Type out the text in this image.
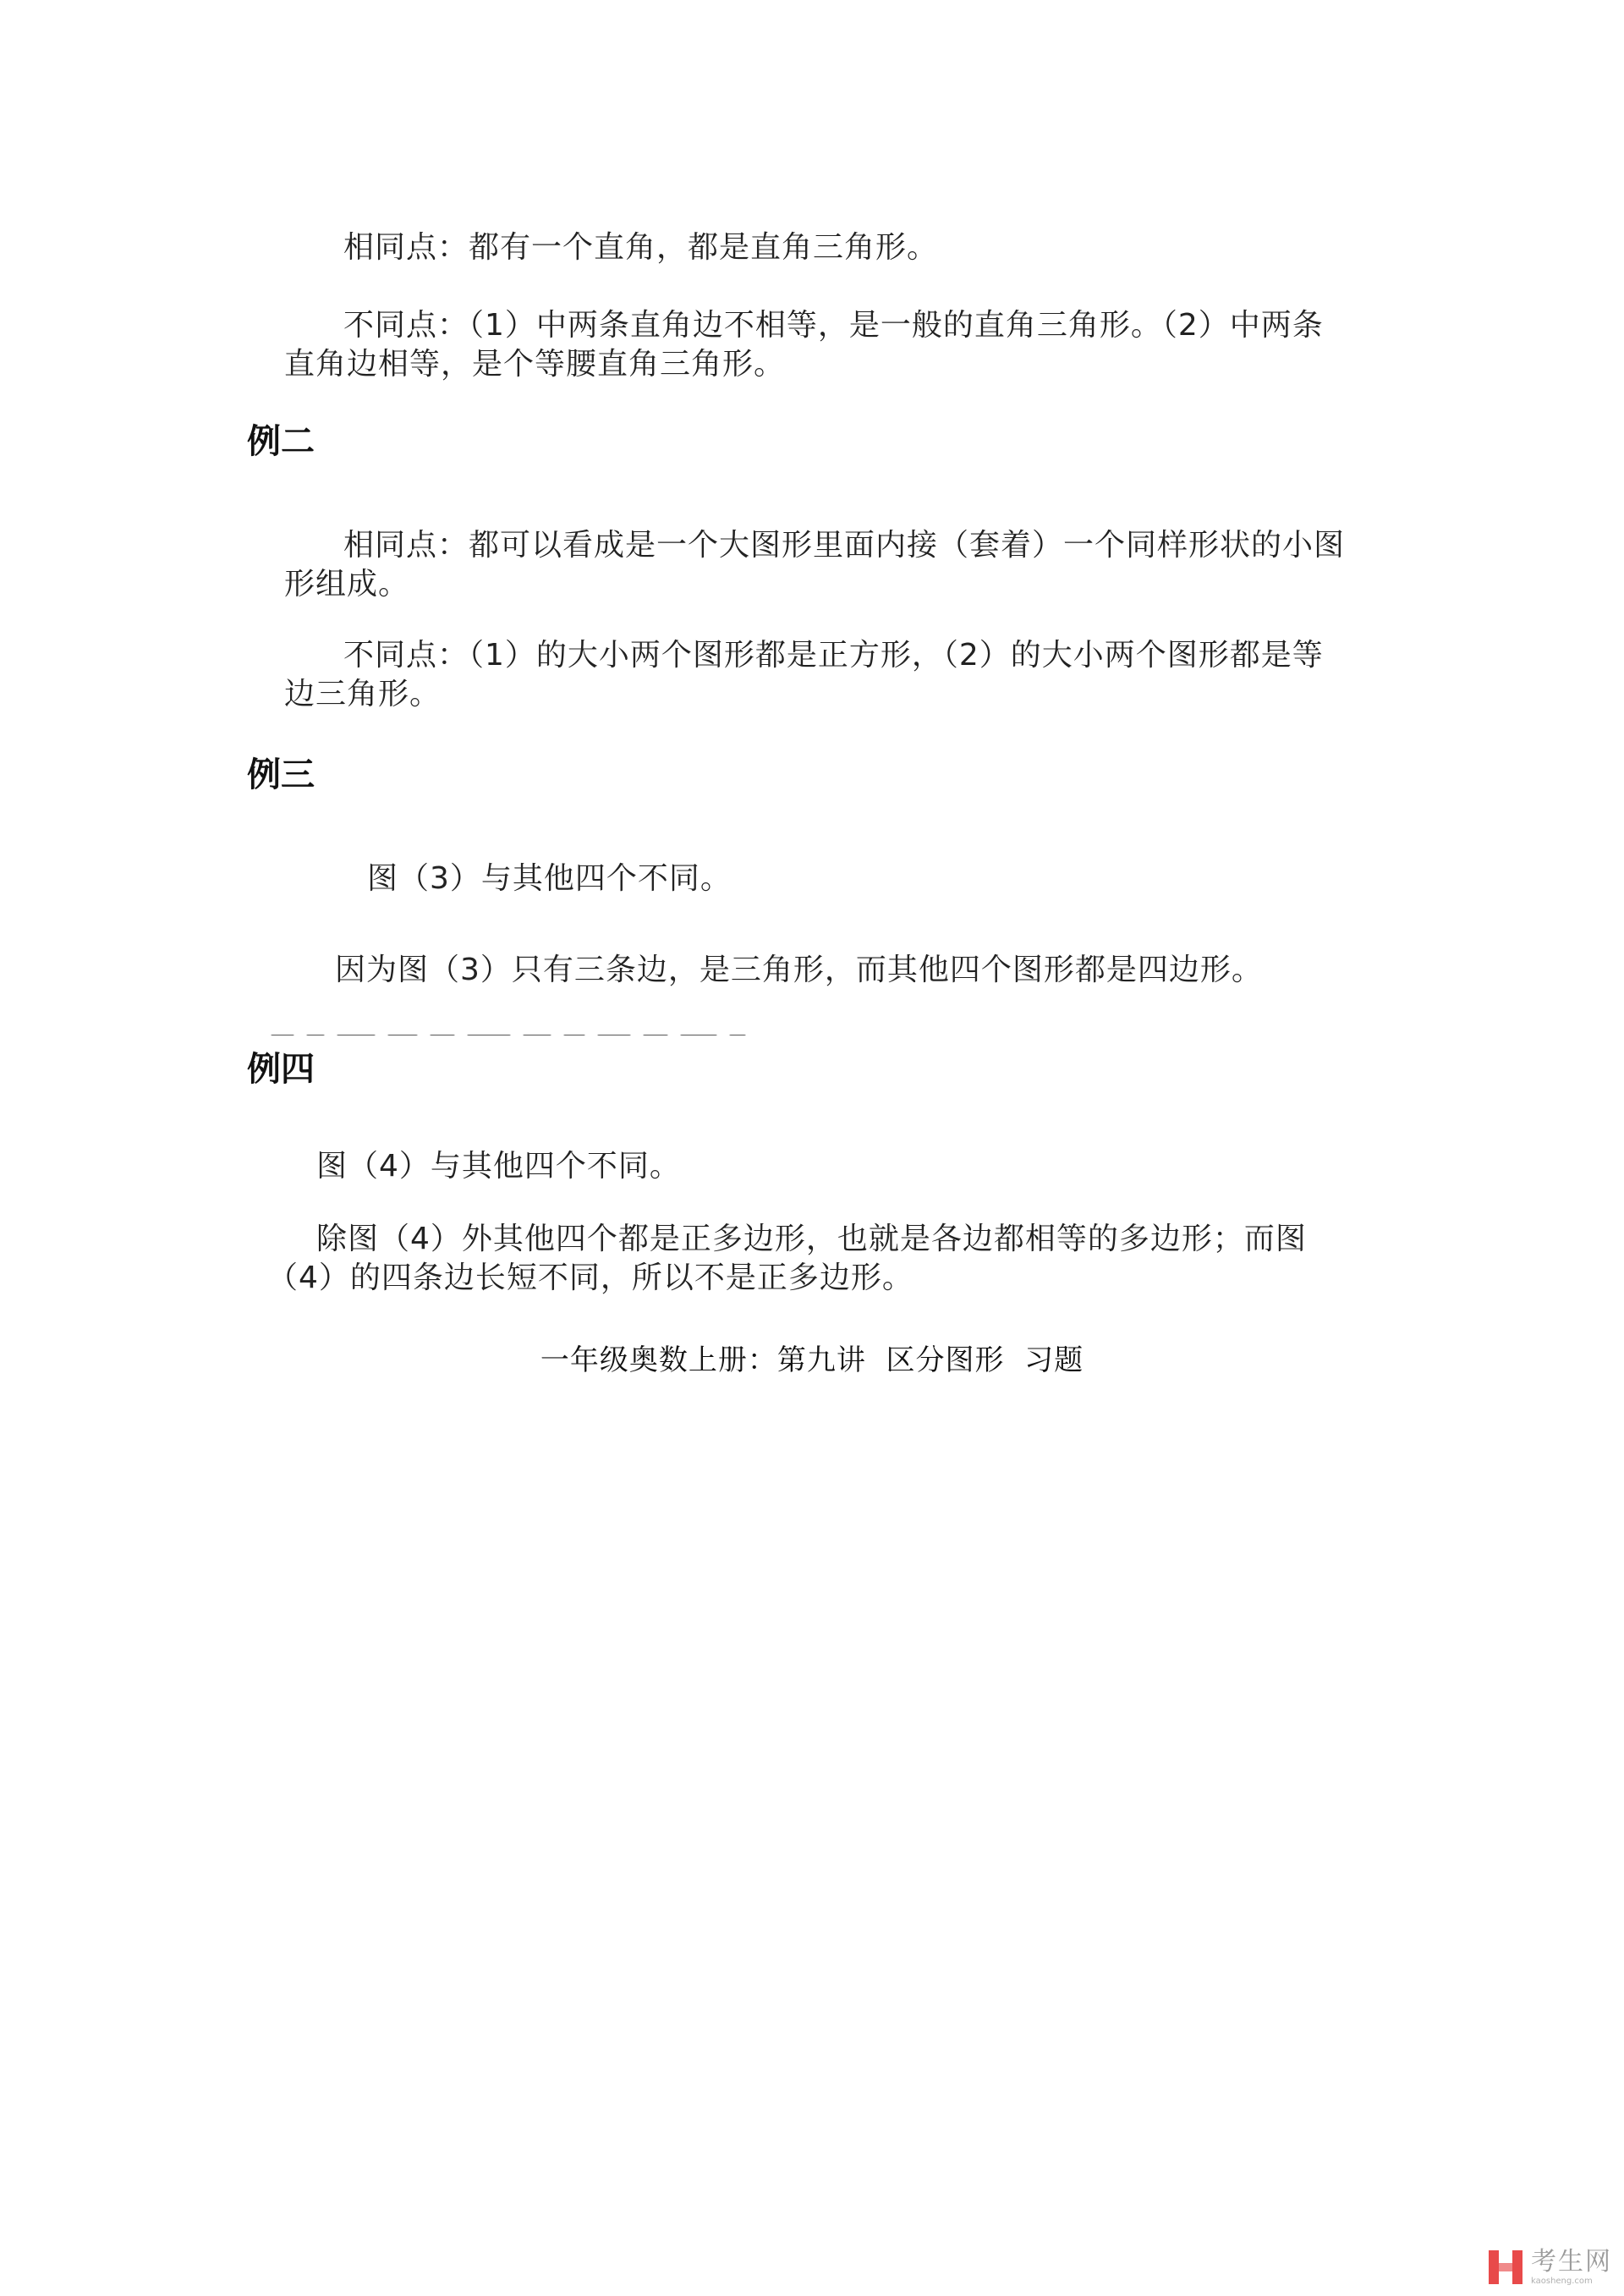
相同点：都有一个直角，都是直角三角形。
不同点：（1）中两条直角边不相等，是一般的直角三角形。（2）中两条
直角边相等，是个等腰直角三角形。
例二
相同点：都可以看成是一个大图形里面内接（套着）一个同样形状的小图
形组成。
不同点：（1）的大小两个图形都是正方形，（2）的大小两个图形都是等
边三角形。
例三
图（3）与其他四个不同。
因为图（3）只有三条边，是三角形，而其他四个图形都是四边形。
例四
图（4）与其他四个不同。
除图（4）外其他四个都是正多边形，也就是各边都相等的多边形；而图
（4）的四条边长短不同，所以不是正多边形。
一年级奥数上册：第九讲  区分图形  习题
考生网
kaosheng.com
